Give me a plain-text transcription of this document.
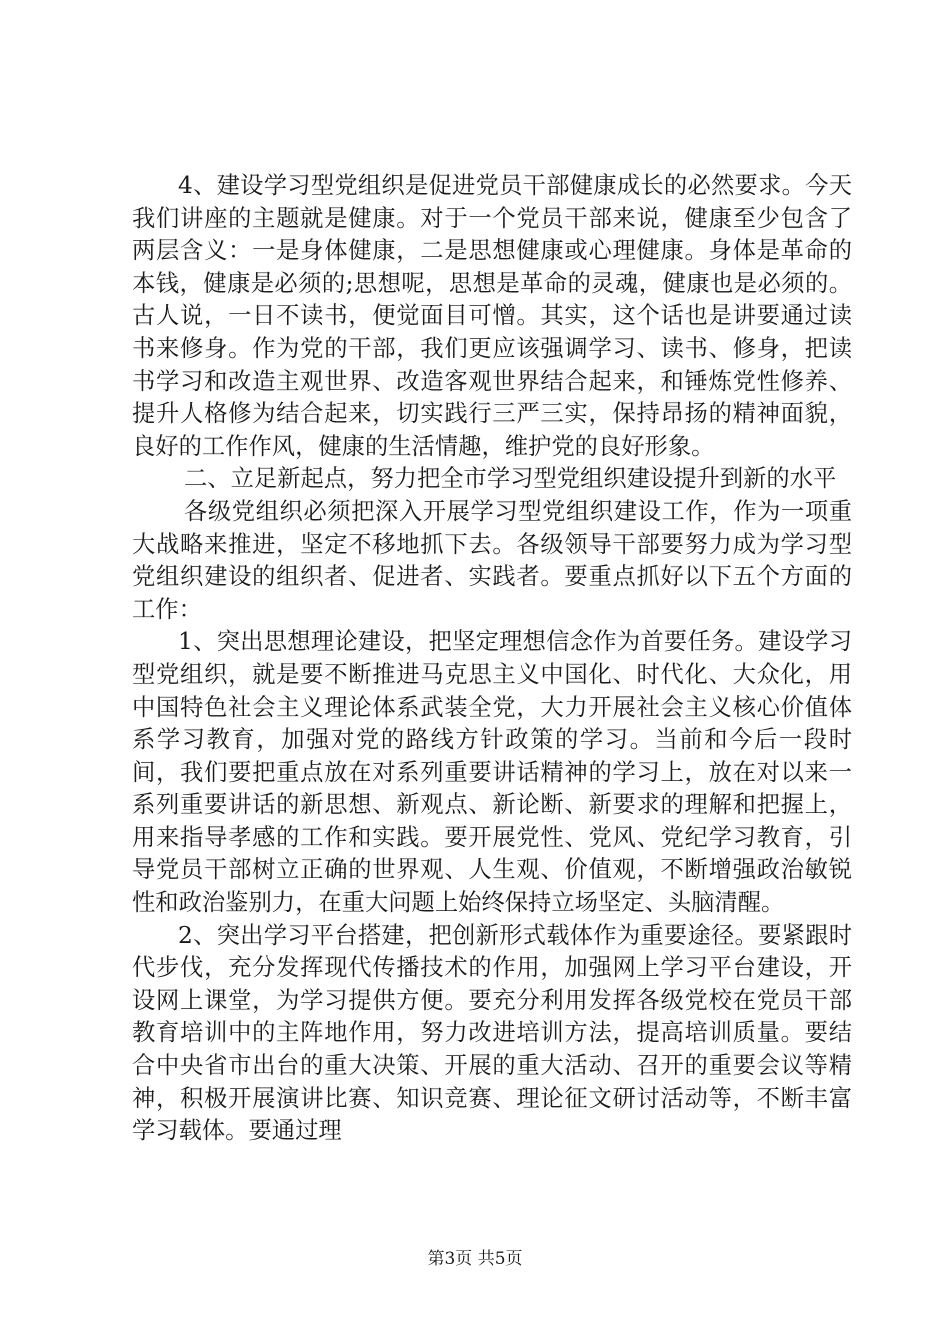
4、建设学习型党组织是促进党员干部健康成长的必然要求。今天我们讲座的主题就是健康。对于一个党员干部来说，健康至少包含了两层含义：一是身体健康，二是思想健康或心理健康。身体是革命的本钱，健康是必须的;思想呢，思想是革命的灵魂，健康也是必须的。古人说，一日不读书，便觉面目可憎。其实，这个话也是讲要通过读书来修身。作为党的干部，我们更应该强调学习、读书、修身，把读书学习和改造主观世界、改造客观世界结合起来，和锤炼党性修养、提升人格修为结合起来，切实践行三严三实，保持昂扬的精神面貌，良好的工作作风，健康的生活情趣，维护党的良好形象。

二、立足新起点，努力把全市学习型党组织建设提升到新的水平

各级党组织必须把深入开展学习型党组织建设工作，作为一项重大战略来推进，坚定不移地抓下去。各级领导干部要努力成为学习型党组织建设的组织者、促进者、实践者。要重点抓好以下五个方面的工作：

1、突出思想理论建设，把坚定理想信念作为首要任务。建设学习型党组织，就是要不断推进马克思主义中国化、时代化、大众化，用中国特色社会主义理论体系武装全党，大力开展社会主义核心价值体系学习教育，加强对党的路线方针政策的学习。当前和今后一段时间，我们要把重点放在对系列重要讲话精神的学习上，放在对以来一系列重要讲话的新思想、新观点、新论断、新要求的理解和把握上，用来指导孝感的工作和实践。要开展党性、党风、党纪学习教育，引导党员干部树立正确的世界观、人生观、价值观，不断增强政治敏锐性和政治鉴别力，在重大问题上始终保持立场坚定、头脑清醒。

2、突出学习平台搭建，把创新形式载体作为重要途径。要紧跟时代步伐，充分发挥现代传播技术的作用，加强网上学习平台建设，开设网上课堂，为学习提供方便。要充分利用发挥各级党校在党员干部教育培训中的主阵地作用，努力改进培训方法，提高培训质量。要结合中央省市出台的重大决策、开展的重大活动、召开的重要会议等精神，积极开展演讲比赛、知识竞赛、理论征文研讨活动等，不断丰富学习载体。要通过理

第3页 共5页
